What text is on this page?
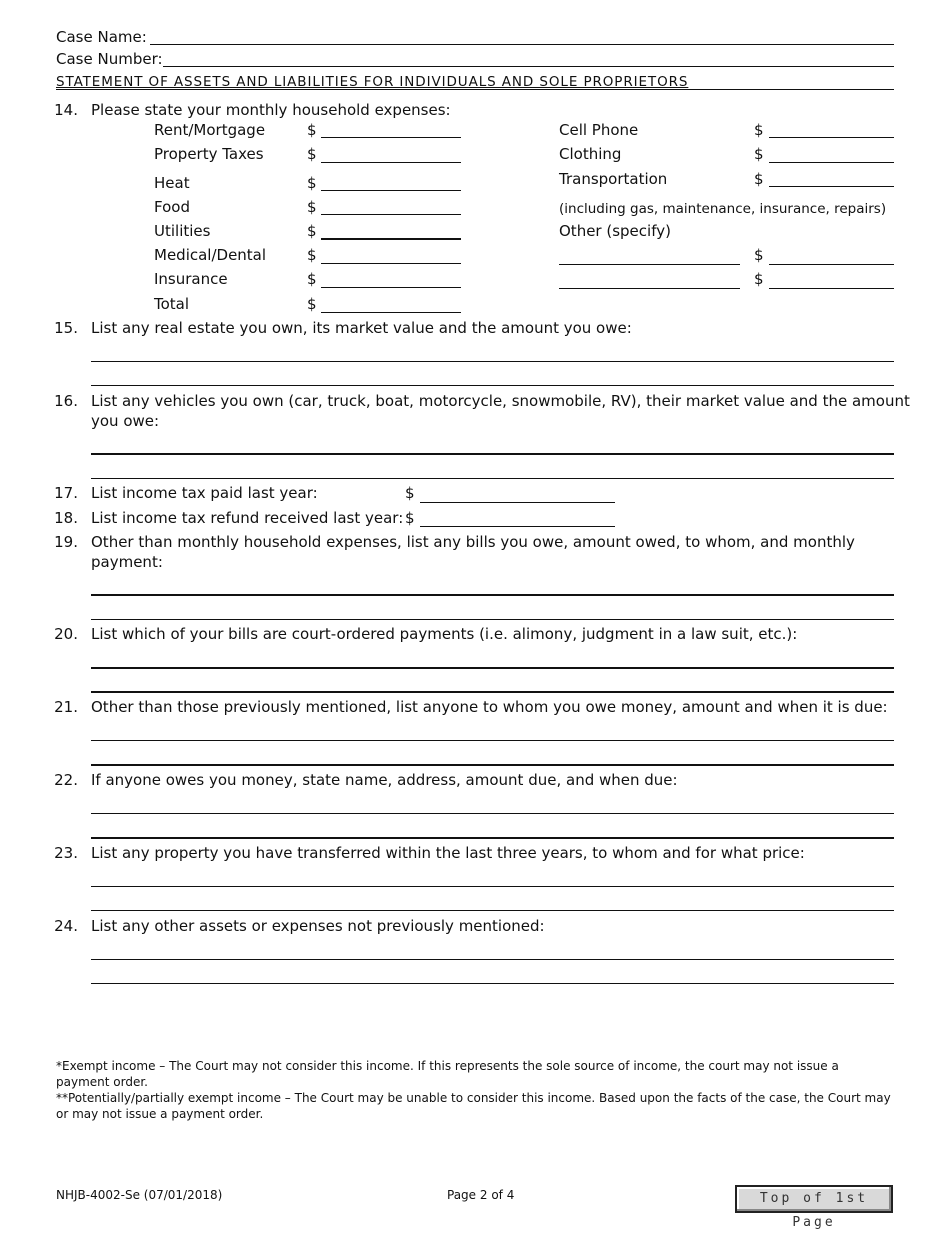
Case Name:
Case Number:
STATEMENT OF ASSETS AND LIABILITIES FOR INDIVIDUALS AND SOLE PROPRIETORS
14. Please state your monthly household expenses:
Rent/Mortgage	$
Property Taxes	$
Heat	$
Food	$
Utilities	$
Medical/Dental	$
Insurance	$
Total	$
Cell Phone	$
Clothing	$
Transportation	$
(including gas, maintenance, insurance, repairs)
Other (specify)
$
$
15. List any real estate you own, its market value and the amount you owe:
16. List any vehicles you own (car, truck, boat, motorcycle, snowmobile, RV), their market value and the amount
you owe:
17. List income tax paid last year:	$
18. List income tax refund received last year: $
19. Other than monthly household expenses, list any bills you owe, amount owed, to whom, and monthly
payment:
20. List which of your bills are court-ordered payments (i.e. alimony, judgment in a law suit, etc.):
21. Other than those previously mentioned, list anyone to whom you owe money, amount and when it is due:
22. If anyone owes you money, state name, address, amount due, and when due:
23. List any property you have transferred within the last three years, to whom and for what price:
24. List any other assets or expenses not previously mentioned:
*Exempt income – The Court may not consider this income. If this represents the sole source of income, the court may not issue a payment order.
**Potentially/partially exempt income – The Court may be unable to consider this income. Based upon the facts of the case, the Court may or may not issue a payment order.
NHJB-4002-Se (07/01/2018)	Page 2 of 4	Top of 1st Page
